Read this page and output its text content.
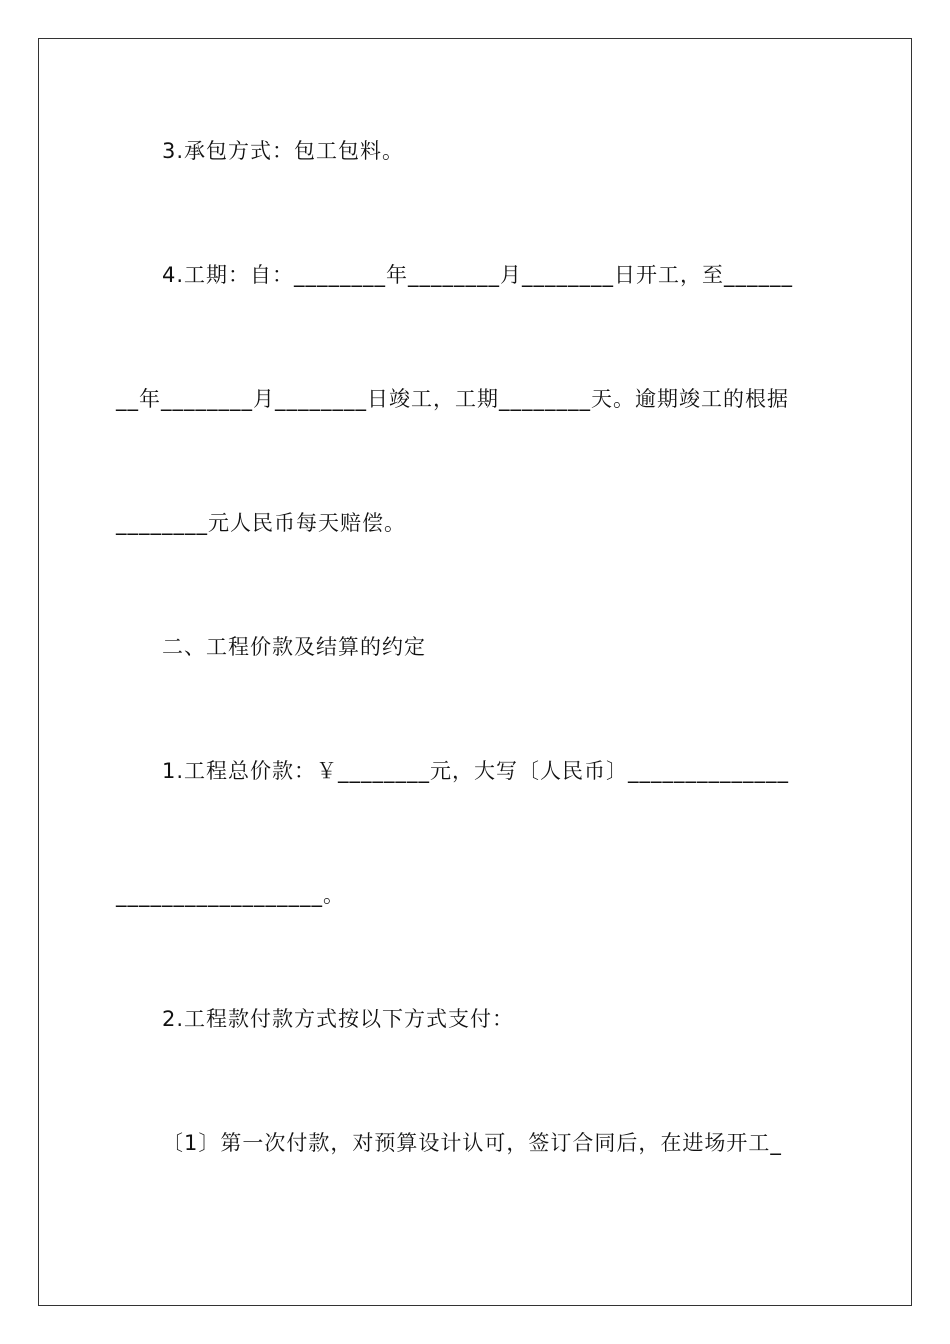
3.承包方式：包工包料。
4.工期：自：________年________月________日开工，至______
__年________月________日竣工，工期________天。逾期竣工的根据
________元人民币每天赔偿。
二、工程价款及结算的约定
1.工程总价款：￥________元，大写〔人民币〕______________
__________________。
2.工程款付款方式按以下方式支付：
〔1〕第一次付款，对预算设计认可，签订合同后，在进场开工_
